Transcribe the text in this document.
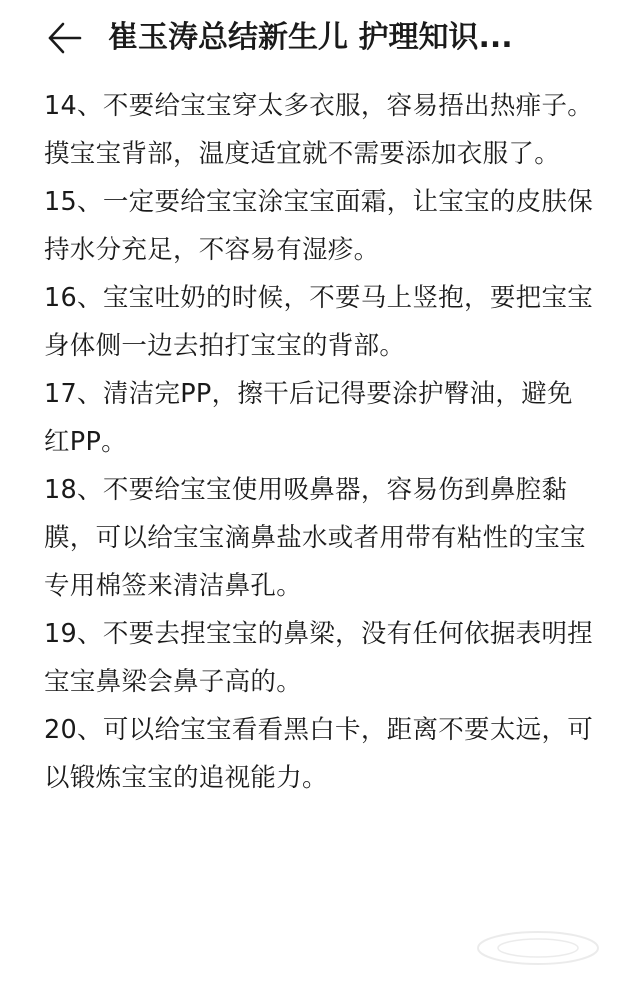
崔玉涛总结新生儿 护理知识...

14、不要给宝宝穿太多衣服，容易捂出热痱子。摸宝宝背部，温度适宜就不需要添加衣服了。

15、一定要给宝宝涂宝宝面霜，让宝宝的皮肤保持水分充足，不容易有湿疹。

16、宝宝吐奶的时候，不要马上竖抱，要把宝宝身体侧一边去拍打宝宝的背部。

17、清洁完PP，擦干后记得要涂护臀油，避免红PP。

18、不要给宝宝使用吸鼻器，容易伤到鼻腔黏膜，可以给宝宝滴鼻盐水或者用带有粘性的宝宝专用棉签来清洁鼻孔。

19、不要去捏宝宝的鼻梁，没有任何依据表明捏宝宝鼻梁会鼻子高的。

20、可以给宝宝看看黑白卡，距离不要太远，可以锻炼宝宝的追视能力。
